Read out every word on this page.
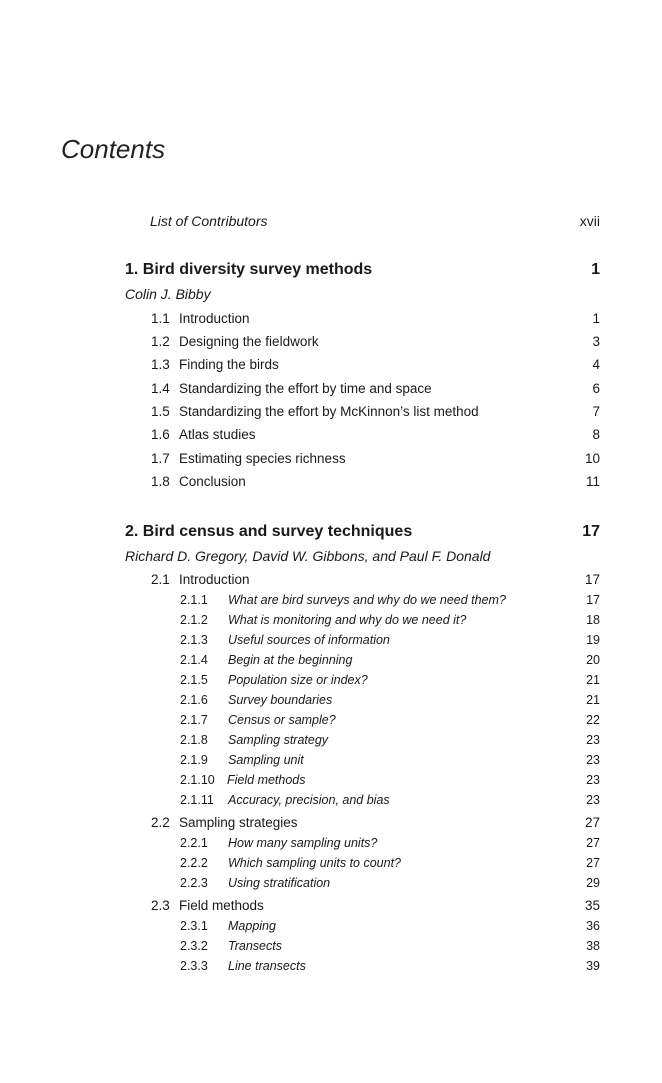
Contents
List of Contributors	xvii
1. Bird diversity survey methods	1
Colin J. Bibby
1.1 Introduction	1
1.2 Designing the fieldwork	3
1.3 Finding the birds	4
1.4 Standardizing the effort by time and space	6
1.5 Standardizing the effort by McKinnon’s list method	7
1.6 Atlas studies	8
1.7 Estimating species richness	10
1.8 Conclusion	11
2. Bird census and survey techniques	17
Richard D. Gregory, David W. Gibbons, and Paul F. Donald
2.1 Introduction	17
2.1.1 What are bird surveys and why do we need them?	17
2.1.2 What is monitoring and why do we need it?	18
2.1.3 Useful sources of information	19
2.1.4 Begin at the beginning	20
2.1.5 Population size or index?	21
2.1.6 Survey boundaries	21
2.1.7 Census or sample?	22
2.1.8 Sampling strategy	23
2.1.9 Sampling unit	23
2.1.10 Field methods	23
2.1.11 Accuracy, precision, and bias	23
2.2 Sampling strategies	27
2.2.1 How many sampling units?	27
2.2.2 Which sampling units to count?	27
2.2.3 Using stratification	29
2.3 Field methods	35
2.3.1 Mapping	36
2.3.2 Transects	38
2.3.3 Line transects	39
